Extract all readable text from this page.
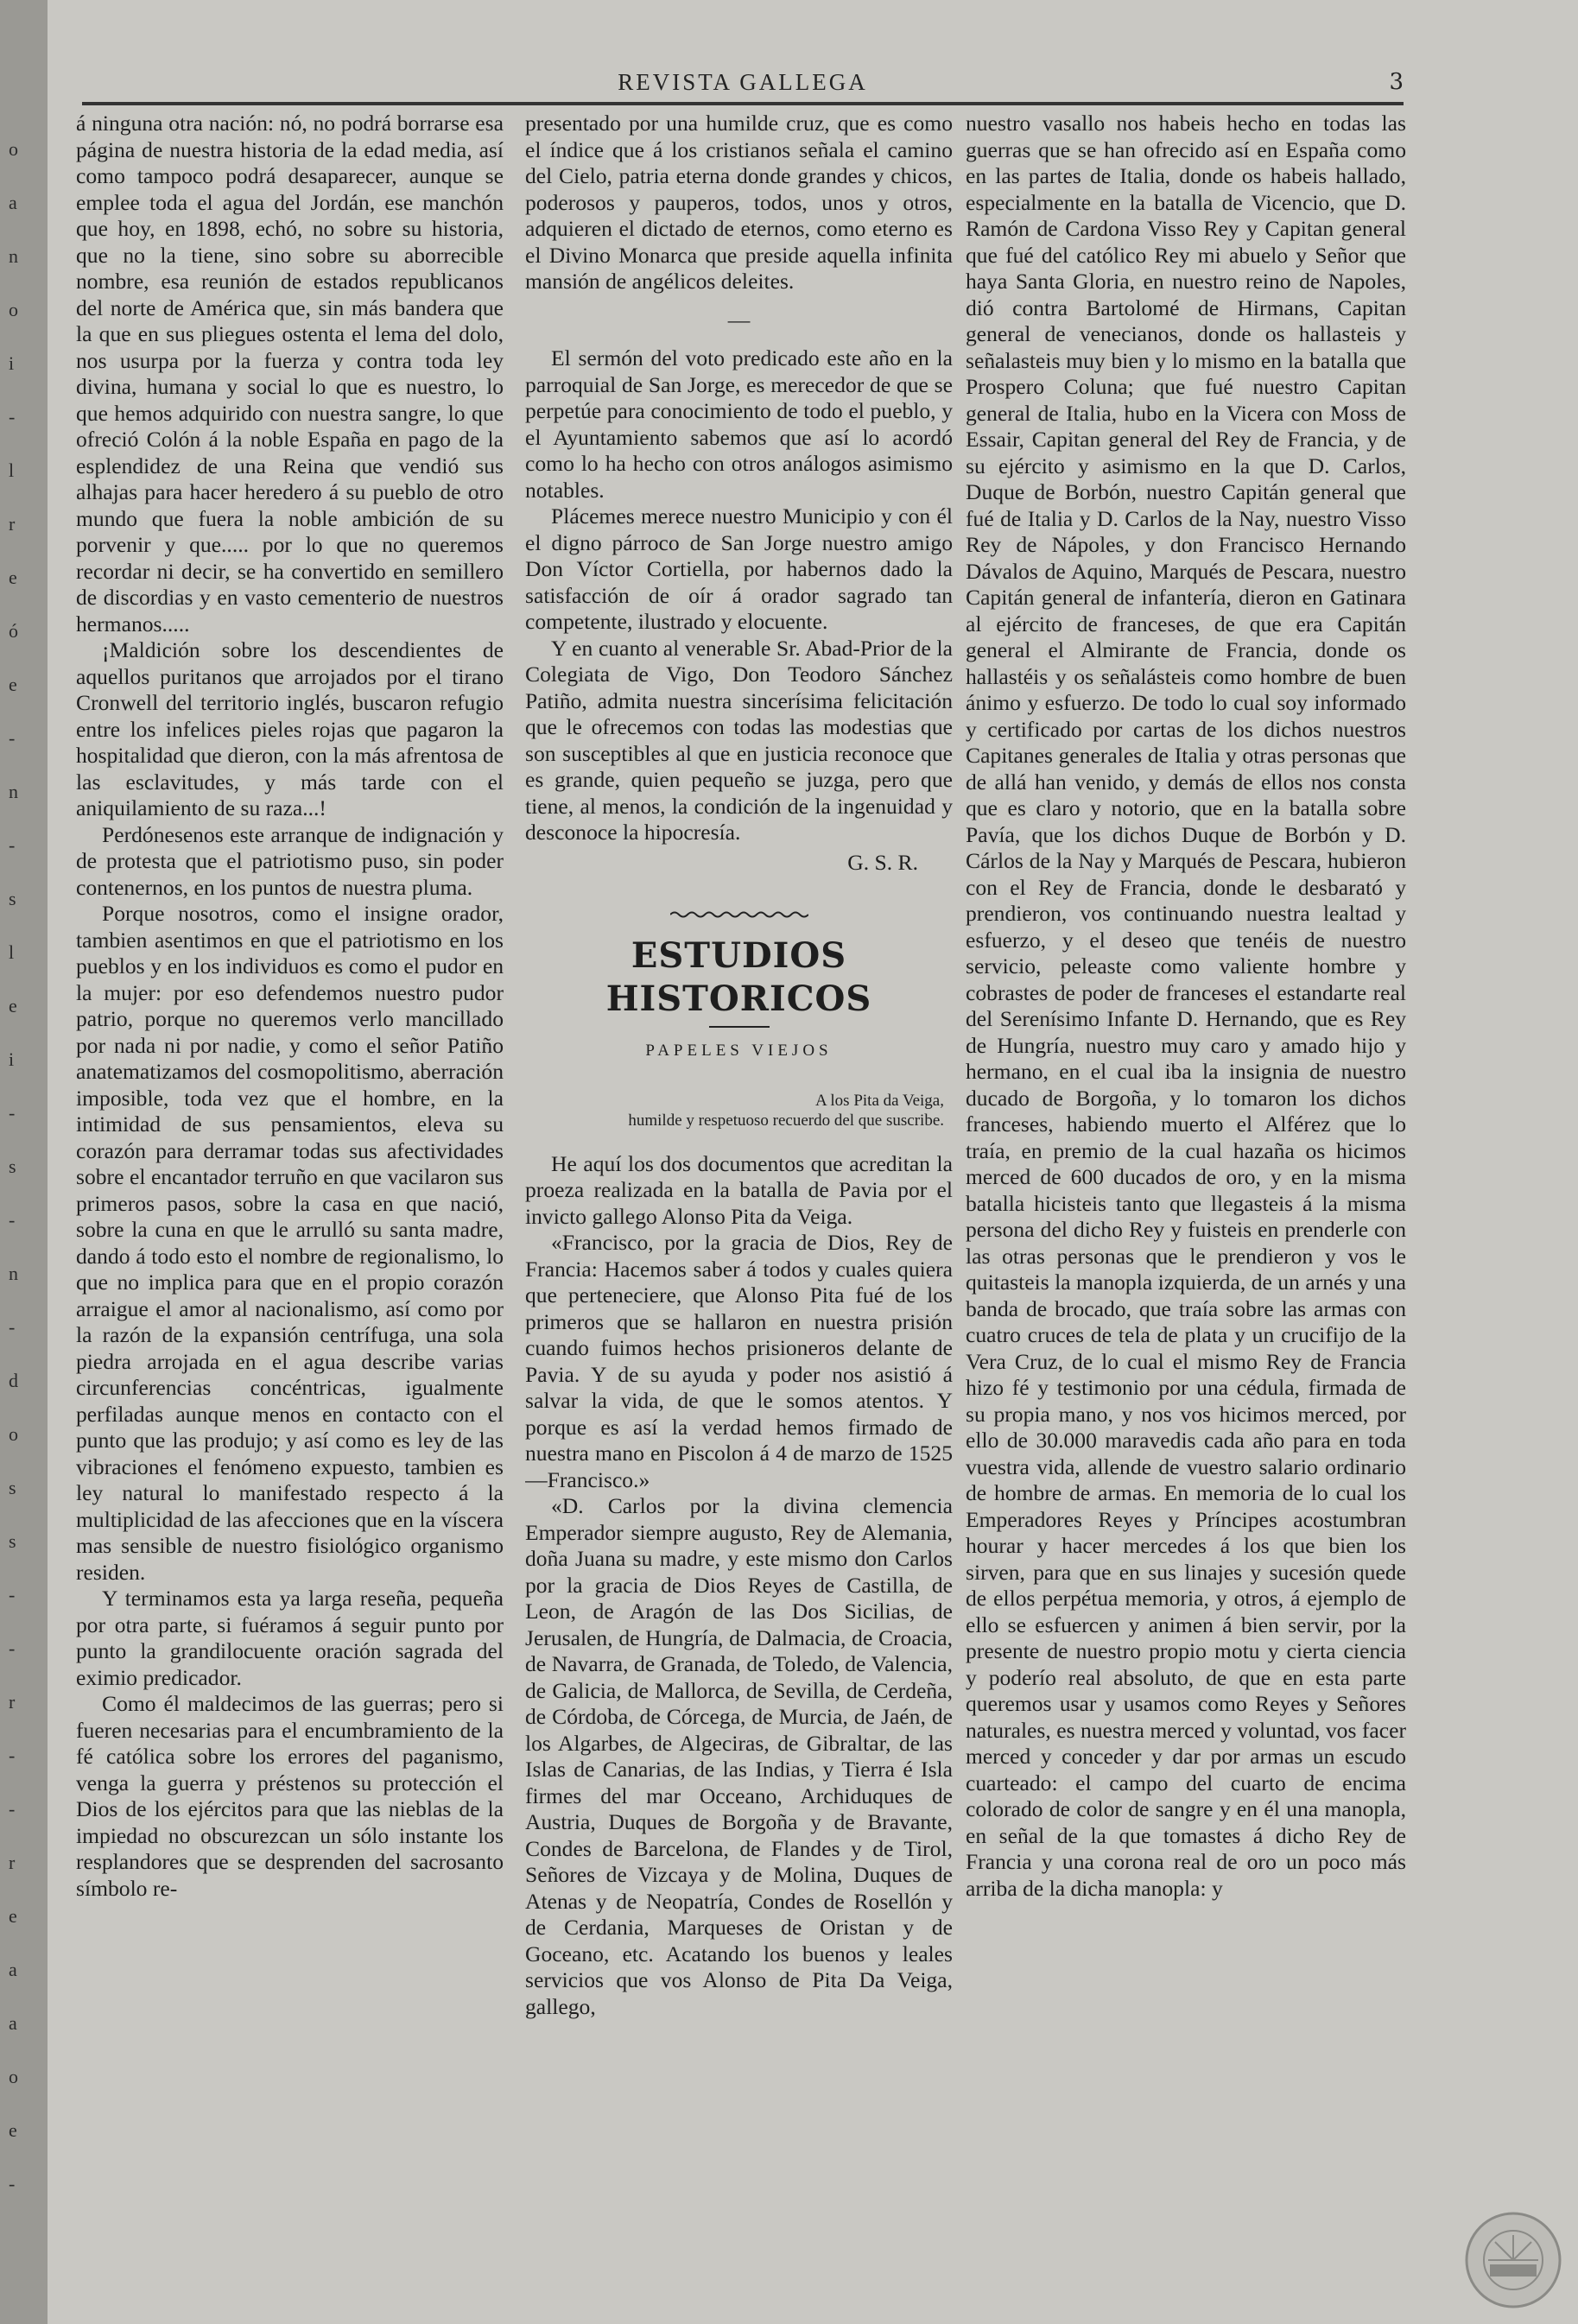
o
a
n
o
i
-
l
r
e
ó
e
-
n
-
s
l
e
i
-
s
-
n
-
d
o
s
s
-
-
r
-
-
r
e
a
a
o
e
-
REVISTA GALLEGA	3

á ninguna otra nación: nó, no podrá borrarse esa página de nuestra historia de la edad media, así como tampoco podrá desaparecer, aunque se emplee toda el agua del Jordán, ese manchón que hoy, en 1898, echó, no sobre su historia, que no la tiene, sino sobre su aborrecible nombre, esa reunión de estados republicanos del norte de América que, sin más bandera que la que en sus pliegues ostenta el lema del dolo, nos usurpa por la fuerza y contra toda ley divina, humana y social lo que es nuestro, lo que hemos adquirido con nuestra sangre, lo que ofreció Colón á la noble España en pago de la esplendidez de una Reina que vendió sus alhajas para hacer heredero á su pueblo de otro mundo que fuera la noble ambición de su porvenir y que..... por lo que no queremos recordar ni decir, se ha convertido en semillero de discordias y en vasto cementerio de nuestros hermanos.....

¡Maldición sobre los descendientes de aquellos puritanos que arrojados por el tirano Cronwell del territorio inglés, buscaron refugio entre los infelices pieles rojas que pagaron la hospitalidad que dieron, con la más afrentosa de las esclavitudes, y más tarde con el aniquilamiento de su raza...!

Perdónesenos este arranque de indignación y de protesta que el patriotismo puso, sin poder contenernos, en los puntos de nuestra pluma.

Porque nosotros, como el insigne orador, tambien asentimos en que el patriotismo en los pueblos y en los individuos es como el pudor en la mujer: por eso defendemos nuestro pudor patrio, porque no queremos verlo mancillado por nada ni por nadie, y como el señor Patiño anatematizamos del cosmopolitismo, aberración imposible, toda vez que el hombre, en la intimidad de sus pensamientos, eleva su corazón para derramar todas sus afectividades sobre el encantador terruño en que vacilaron sus primeros pasos, sobre la casa en que nació, sobre la cuna en que le arrulló su santa madre, dando á todo esto el nombre de regionalismo, lo que no implica para que en el propio corazón arraigue el amor al nacionalismo, así como por la razón de la expansión centrífuga, una sola piedra arrojada en el agua describe varias circunferencias concéntricas, igualmente perfiladas aunque menos en contacto con el punto que las produjo; y así como es ley de las vibraciones el fenómeno expuesto, tambien es ley natural lo manifestado respecto á la multiplicidad de las afecciones que en la víscera mas sensible de nuestro fisiológico organismo residen.

Y terminamos esta ya larga reseña, pequeña por otra parte, si fuéramos á seguir punto por punto la grandilocuente oración sagrada del eximio predicador.

Como él maldecimos de las guerras; pero si fueren necesarias para el encumbramiento de la fé católica sobre los errores del paganismo, venga la guerra y préstenos su protección el Dios de los ejércitos para que las nieblas de la impiedad no obscurezcan un sólo instante los resplandores que se desprenden del sacrosanto símbolo re-

presentado por una humilde cruz, que es como el índice que á los cristianos señala el camino del Cielo, patria eterna donde grandes y chicos, poderosos y pauperos, todos, unos y otros, adquieren el dictado de eternos, como eterno es el Divino Monarca que preside aquella infinita mansión de angélicos deleites.

—

El sermón del voto predicado este año en la parroquial de San Jorge, es merecedor de que se perpetúe para conocimiento de todo el pueblo, y el Ayuntamiento sabemos que así lo acordó como lo ha hecho con otros análogos asimismo notables.

Plácemes merece nuestro Municipio y con él el digno párroco de San Jorge nuestro amigo Don Víctor Cortiella, por habernos dado la satisfacción de oír á orador sagrado tan competente, ilustrado y elocuente.

Y en cuanto al venerable Sr. Abad-Prior de la Colegiata de Vigo, Don Teodoro Sánchez Patiño, admita nuestra sincerísima felicitación que le ofrecemos con todas las modestias que son susceptibles al que en justicia reconoce que es grande, quien pequeño se juzga, pero que tiene, al menos, la condición de la ingenuidad y desconoce la hipocresía.

G. S. R.

ESTUDIOS HISTORICOS
PAPELES VIEJOS

A los Pita da Veiga,
humilde y respetuoso recuerdo del que suscribe.

He aquí los dos documentos que acreditan la proeza realizada en la batalla de Pavia por el invicto gallego Alonso Pita da Veiga.

«Francisco, por la gracia de Dios, Rey de Francia: Hacemos saber á todos y cuales quiera que perteneciere, que Alonso Pita fué de los primeros que se hallaron en nuestra prisión cuando fuimos hechos prisioneros delante de Pavia. Y de su ayuda y poder nos asistió á salvar la vida, de que le somos atentos. Y porque es así la verdad hemos firmado de nuestra mano en Piscolon á 4 de marzo de 1525—Francisco.»

«D. Carlos por la divina clemencia Emperador siempre augusto, Rey de Alemania, doña Juana su madre, y este mismo don Carlos por la gracia de Dios Reyes de Castilla, de Leon, de Aragón de las Dos Sicilias, de Jerusalen, de Hungría, de Dalmacia, de Croacia, de Navarra, de Granada, de Toledo, de Valencia, de Galicia, de Mallorca, de Sevilla, de Cerdeña, de Córdoba, de Córcega, de Murcia, de Jaén, de los Algarbes, de Algeciras, de Gibraltar, de las Islas de Canarias, de las Indias, y Tierra é Isla firmes del mar Occeano, Archiduques de Austria, Duques de Borgoña y de Bravante, Condes de Barcelona, de Flandes y de Tirol, Señores de Vizcaya y de Molina, Duques de Atenas y de Neopatría, Condes de Rosellón y de Cerdania, Marqueses de Oristan y de Goceano, etc. Acatando los buenos y leales servicios que vos Alonso de Pita Da Veiga, gallego,

nuestro vasallo nos habeis hecho en todas las guerras que se han ofrecido así en España como en las partes de Italia, donde os habeis hallado, especialmente en la batalla de Vicencio, que D. Ramón de Cardona Visso Rey y Capitan general que fué del católico Rey mi abuelo y Señor que haya Santa Gloria, en nuestro reino de Napoles, dió contra Bartolomé de Hirmans, Capitan general de venecianos, donde os hallasteis y señalasteis muy bien y lo mismo en la batalla que Prospero Coluna; que fué nuestro Capitan general de Italia, hubo en la Vicera con Moss de Essair, Capitan general del Rey de Francia, y de su ejército y asimismo en la que D. Carlos, Duque de Borbón, nuestro Capitán general que fué de Italia y D. Carlos de la Nay, nuestro Visso Rey de Nápoles, y don Francisco Hernando Dávalos de Aquino, Marqués de Pescara, nuestro Capitán general de infantería, dieron en Gatinara al ejército de franceses, de que era Capitán general el Almirante de Francia, donde os hallastéis y os señalásteis como hombre de buen ánimo y esfuerzo. De todo lo cual soy informado y certificado por cartas de los dichos nuestros Capitanes generales de Italia y otras personas que de allá han venido, y demás de ellos nos consta que es claro y notorio, que en la batalla sobre Pavía, que los dichos Duque de Borbón y D. Cárlos de la Nay y Marqués de Pescara, hubieron con el Rey de Francia, donde le desbarató y prendieron, vos continuando nuestra lealtad y esfuerzo, y el deseo que tenéis de nuestro servicio, peleaste como valiente hombre y cobrastes de poder de franceses el estandarte real del Serenísimo Infante D. Hernando, que es Rey de Hungría, nuestro muy caro y amado hijo y hermano, en el cual iba la insignia de nuestro ducado de Borgoña, y lo tomaron los dichos franceses, habiendo muerto el Alférez que lo traía, en premio de la cual hazaña os hicimos merced de 600 ducados de oro, y en la misma batalla hicisteis tanto que llegasteis á la misma persona del dicho Rey y fuisteis en prenderle con las otras personas que le prendieron y vos le quitasteis la manopla izquierda, de un arnés y una banda de brocado, que traía sobre las armas con cuatro cruces de tela de plata y un crucifijo de la Vera Cruz, de lo cual el mismo Rey de Francia hizo fé y testimonio por una cédula, firmada de su propia mano, y nos vos hicimos merced, por ello de 30.000 maravedis cada año para en toda vuestra vida, allende de vuestro salario ordinario de hombre de armas. En memoria de lo cual los Emperadores Reyes y Príncipes acostumbran hourar y hacer mercedes á los que bien los sirven, para que en sus linajes y sucesión quede de ellos perpétua memoria, y otros, á ejemplo de ello se esfuercen y animen á bien servir, por la presente de nuestro propio motu y cierta ciencia y poderío real absoluto, de que en esta parte queremos usar y usamos como Reyes y Señores naturales, es nuestra merced y voluntad, vos facer merced y conceder y dar por armas un escudo cuarteado: el campo del cuarto de encima colorado de color de sangre y en él una manopla, en señal de la que tomastes á dicho Rey de Francia y una corona real de oro un poco más arriba de la dicha manopla: y
